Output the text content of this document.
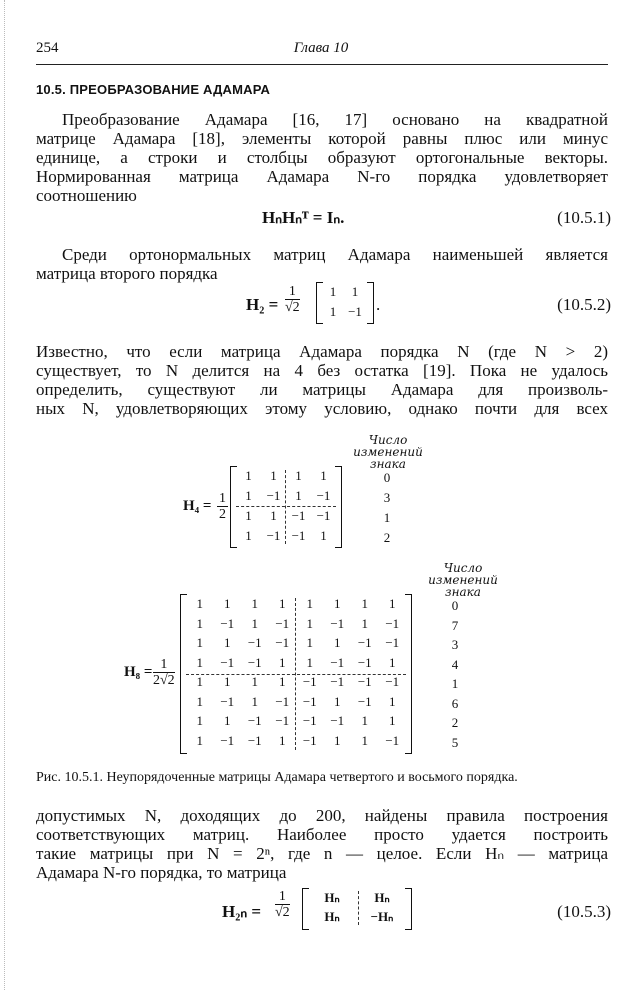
254	Глава 10
10.5. ПРЕОБРАЗОВАНИЕ АДАМАРА
Преобразование Адамара [16, 17] основано на квадратной
матрице Адамара [18], элементы которой равны плюс или минус
единице, а строки и столбцы образуют ортогональные векторы.
Нормированная матрица Адамара N-го порядка удовлетворяет
соотношению
HₙHₙᵀ = Iₙ.	(10.5.1)
Среди ортонормальных матриц Адамара наименьшей является
матрица второго порядка
$H_2 = \frac{1}{√2}$	1	1
1 −1 .	(10.5.2)
Известно, что если матрица Адамара порядка N (где N > 2)
существует, то N делится на 4 без остатка [19]. Пока не удалось
определить, существуют ли матрицы Адамара для произволь-
ных N, удовлетворяющих этому условию, однако почти для всех
Число
изменений
знака
$H_4 = \frac{1}{2}$
1	1	1	1
1	−1	1	−1
1	1	−1 −1
1	−1 −1	1
0
3
1
2
Число
изменений
знака
$H_8 = \frac{1}{2√2}$
1	1	1	1	1	1	1	1
1	−1	1	−1	1	−1	1	−1
1	1	−1	−1	1	1	−1	−1
1	−1	−1	1	1	−1	−1	1
1	1	1	1	−1	−1	−1	−1
1	−1	1	−1	−1	1	−1	1
1	1	−1	−1	−1	−1	1	1
1	−1	−1	1	−1	1	1	−1
0
7
3
4
1
6
2
5
Рис. 10.5.1. Неупорядоченные матрицы Адамара четвертого и восьмого порядка.
допустимых N, доходящих до 200, найдены правила построения
соответствующих матриц. Наиболее просто удается построить
такие матрицы при N = 2ⁿ, где n — целое. Если Hₙ — матрица
Адамара N-го порядка, то матрица
$H_{2n} = \frac{1}{√2}$	Hₙ	Hₙ
Hₙ	−Hₙ	(10.5.3)
